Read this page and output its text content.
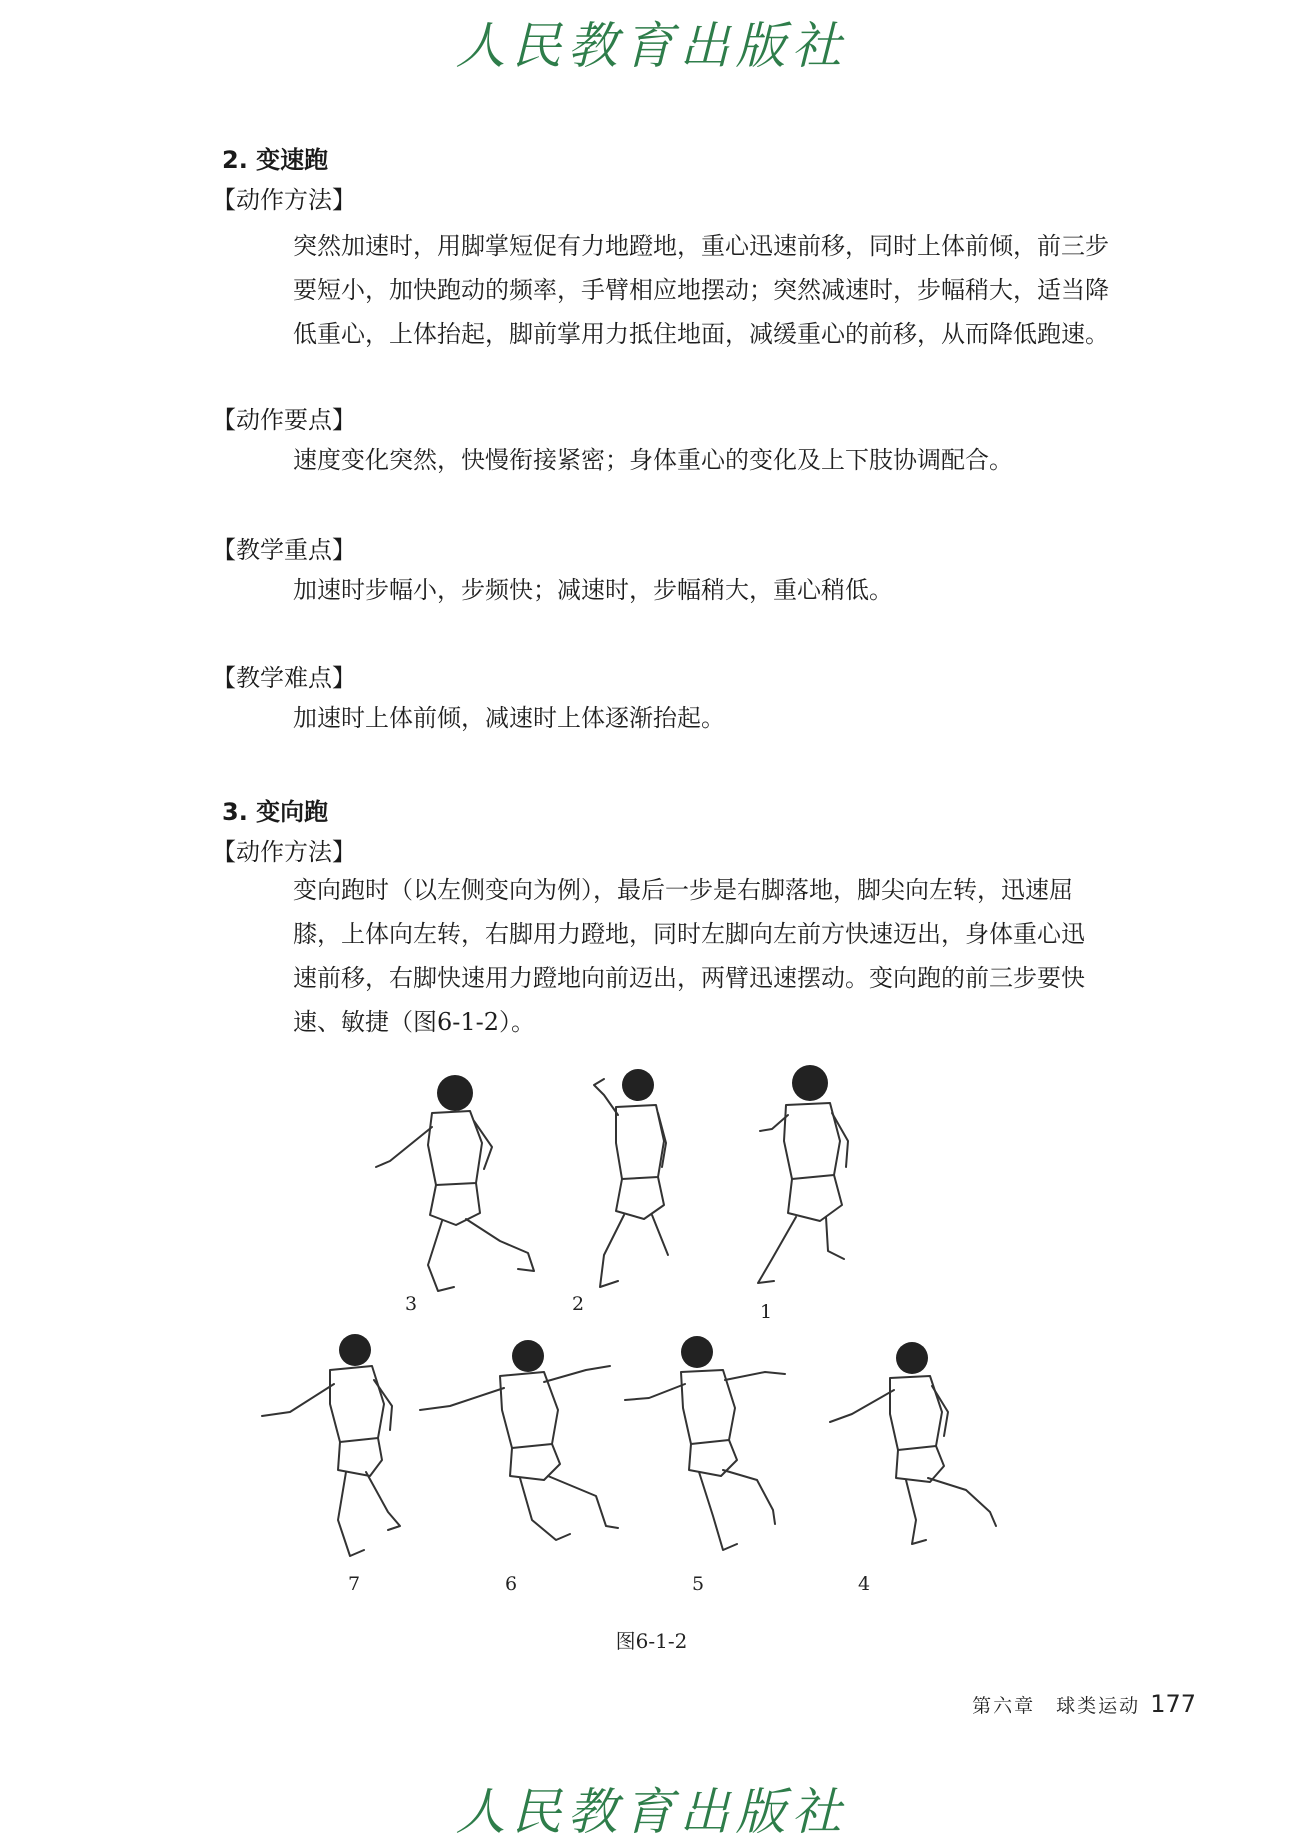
人民教育出版社
2. 变速跑
【动作方法】

突然加速时，用脚掌短促有力地蹬地，重心迅速前移，同时上体前倾，前三步

要短小，加快跑动的频率，手臂相应地摆动；突然减速时，步幅稍大，适当降

低重心，上体抬起，脚前掌用力抵住地面，减缓重心的前移，从而降低跑速。

【动作要点】

速度变化突然，快慢衔接紧密；身体重心的变化及上下肢协调配合。

【教学重点】

加速时步幅小，步频快；减速时，步幅稍大，重心稍低。

【教学难点】

加速时上体前倾，减速时上体逐渐抬起。

3. 变向跑
【动作方法】

变向跑时（以左侧变向为例），最后一步是右脚落地，脚尖向左转，迅速屈

膝，上体向左转，右脚用力蹬地，同时左脚向左前方快速迈出，身体重心迅

速前移，右脚快速用力蹬地向前迈出，两臂迅速摆动。变向跑的前三步要快

速、敏捷（图6-1-2）。

3	2	1
7	6	5	4
图6-1-2
第六章　球类运动 177
人民教育出版社
